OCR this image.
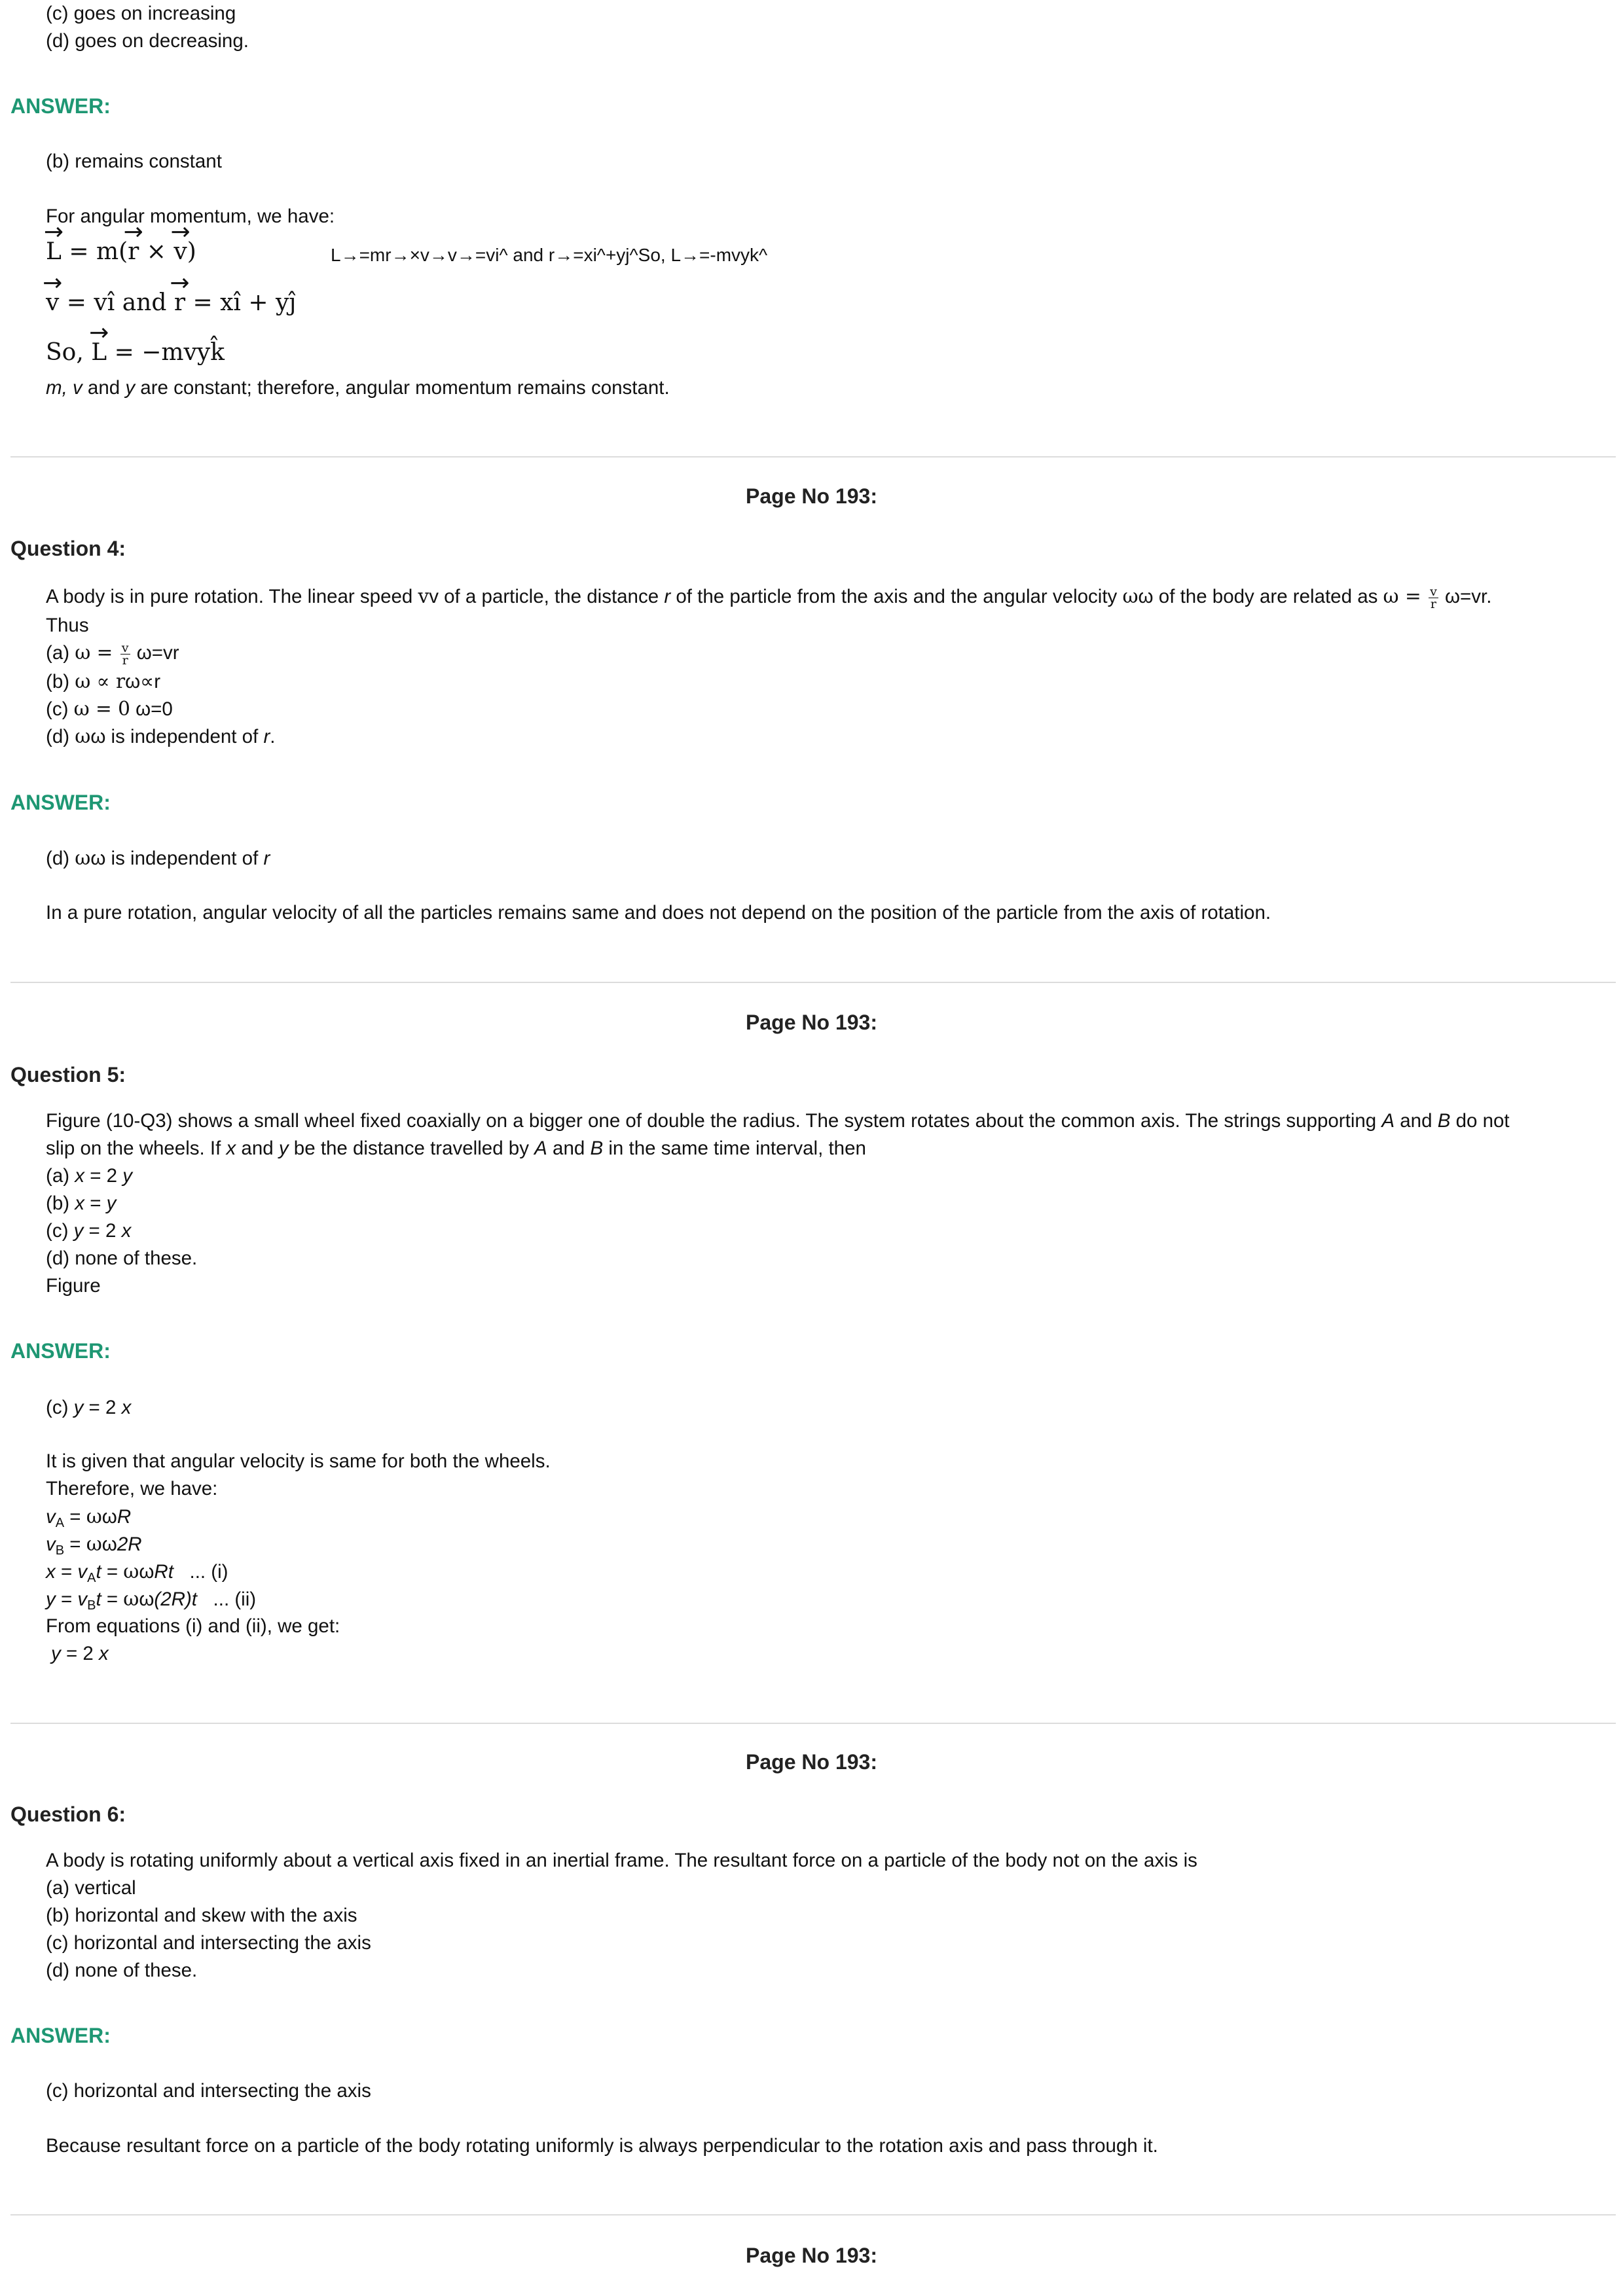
(c) goes on increasing
(d) goes on decreasing.
ANSWER:
(b) remains constant
For angular momentum, we have:
→ L = m(→ r × → v)	L→=mr→×v→v→=vi^ and r→=xi^+yj^So, L→=-mvyk^
→ v = vî and → r = xî + yĵ
So, → L = −mvyk̂
m, v and y are constant; therefore, angular momentum remains constant.
Page No 193:
Question 4:
A body is in pure rotation. The linear speed vv of a particle, the distance r of the particle from the axis and the angular velocity ωω of the body are related as $\omega = \frac{v}{r} \omega=vr$.
Thus
(a) $\omega = \frac{v}{r} \omega=vr$
(b) ω ∝ rω∝r
(c) ω = 0 ω=0
(d) ωω is independent of r.
ANSWER:
(d) ωω is independent of r
In a pure rotation, angular velocity of all the particles remains same and does not depend on the position of the particle from the axis of rotation.
Page No 193:
Question 5:
Figure (10-Q3) shows a small wheel fixed coaxially on a bigger one of double the radius. The system rotates about the common axis. The strings supporting A and B do not
slip on the wheels. If x and y be the distance travelled by A and B in the same time interval, then
(a) x = 2 y
(b) x = y
(c) y = 2 x
(d) none of these.
Figure
ANSWER:
(c) y = 2 x
It is given that angular velocity is same for both the wheels.
Therefore, we have:
$v_A = \omega\omega R$
$v_B = \omega\omega 2R$
$x = v_At = \omega\omega Rt$   ... (i)
$y = v_Bt = \omega\omega(2R)t$   ... (ii)
From equations (i) and (ii), we get:
y = 2 x
Page No 193:
Question 6:
A body is rotating uniformly about a vertical axis fixed in an inertial frame. The resultant force on a particle of the body not on the axis is
(a) vertical
(b) horizontal and skew with the axis
(c) horizontal and intersecting the axis
(d) none of these.
ANSWER:
(c) horizontal and intersecting the axis
Because resultant force on a particle of the body rotating uniformly is always perpendicular to the rotation axis and pass through it.
Page No 193:
